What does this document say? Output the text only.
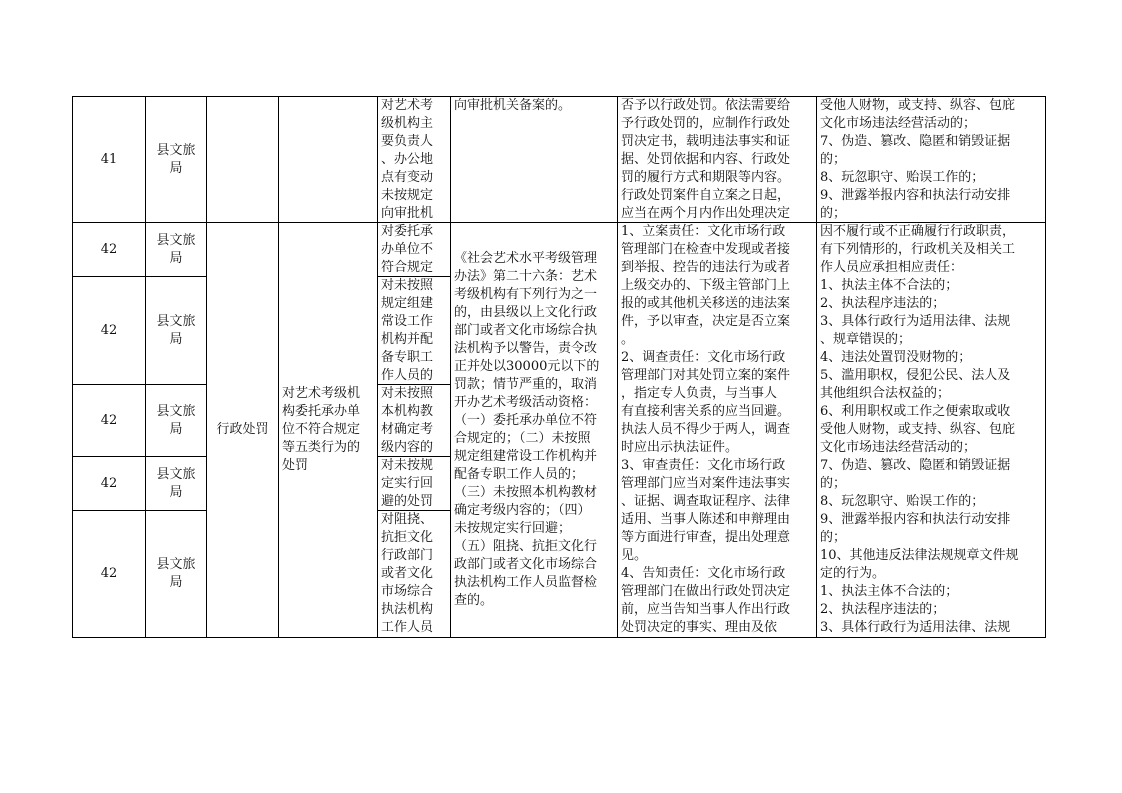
41
县文旅
局
对艺术考
级机构主
要负责人
、办公地
点有变动
未按规定
向审批机
向审批机关备案的。	否予以行政处罚。依法需要给
予行政处罚的，应制作行政处
罚决定书，载明违法事实和证
据、处罚依据和内容、行政处
罚的履行方式和期限等内容。
行政处罚案件自立案之日起，
应当在两个月内作出处理决定
受他人财物，或支持、纵容、包庇
文化市场违法经营活动的；
7、伪造、篡改、隐匿和销毁证据
的；
8、玩忽职守、贻误工作的；
9、泄露举报内容和执法行动安排
的；
42
县文旅
局
对委托承
办单位不
符合规定
42
县文旅
局
对未按照
规定组建
常设工作
机构并配
备专职工
作人员的
42
县文旅
局
对未按照
本机构教
材确定考
级内容的
42
县文旅
局
对未按规
定实行回
避的处罚
42
县文旅
局
对阻挠、
抗拒文化
行政部门
或者文化
市场综合
执法机构
工作人员
行政处罚
对艺术考级机
构委托承办单
位不符合规定
等五类行为的
处罚
《社会艺术水平考级管理
办法》第二十六条：艺术
考级机构有下列行为之一
的，由县级以上文化行政
部门或者文化市场综合执
法机构予以警告，责令改
正并处以30000元以下的
罚款；情节严重的，取消
开办艺术考级活动资格：
（一）委托承办单位不符
合规定的；（二）未按照
规定组建常设工作机构并
配备专职工作人员的；
（三）未按照本机构教材
确定考级内容的；（四）
未按规定实行回避；
（五）阻挠、抗拒文化行
政部门或者文化市场综合
执法机构工作人员监督检
查的。
1、立案责任：文化市场行政
管理部门在检查中发现或者接
到举报、控告的违法行为或者
上级交办的、下级主管部门上
报的或其他机关移送的违法案
件，予以审查，决定是否立案
。
2、调查责任：文化市场行政
管理部门对其处罚立案的案件
，指定专人负责，与当事人
有直接利害关系的应当回避。
执法人员不得少于两人，调查
时应出示执法证件。
3、审查责任：文化市场行政
管理部门应当对案件违法事实
、证据、调查取证程序、法律
适用、当事人陈述和申辩理由
等方面进行审查，提出处理意
见。
4、告知责任：文化市场行政
管理部门在做出行政处罚决定
前，应当告知当事人作出行政
处罚决定的事实、理由及依
因不履行或不正确履行行政职责，
有下列情形的，行政机关及相关工
作人员应承担相应责任：
1、执法主体不合法的；
2、执法程序违法的；
3、具体行政行为适用法律、法规
、规章错误的；
4、违法处置罚没财物的；
5、滥用职权，侵犯公民、法人及
其他组织合法权益的；
6、利用职权或工作之便索取或收
受他人财物，或支持、纵容、包庇
文化市场违法经营活动的；
7、伪造、篡改、隐匿和销毁证据
的；
8、玩忽职守、贻误工作的；
9、泄露举报内容和执法行动安排
的；
10、其他违反法律法规规章文件规
定的行为。
1、执法主体不合法的；
2、执法程序违法的；
3、具体行政行为适用法律、法规
